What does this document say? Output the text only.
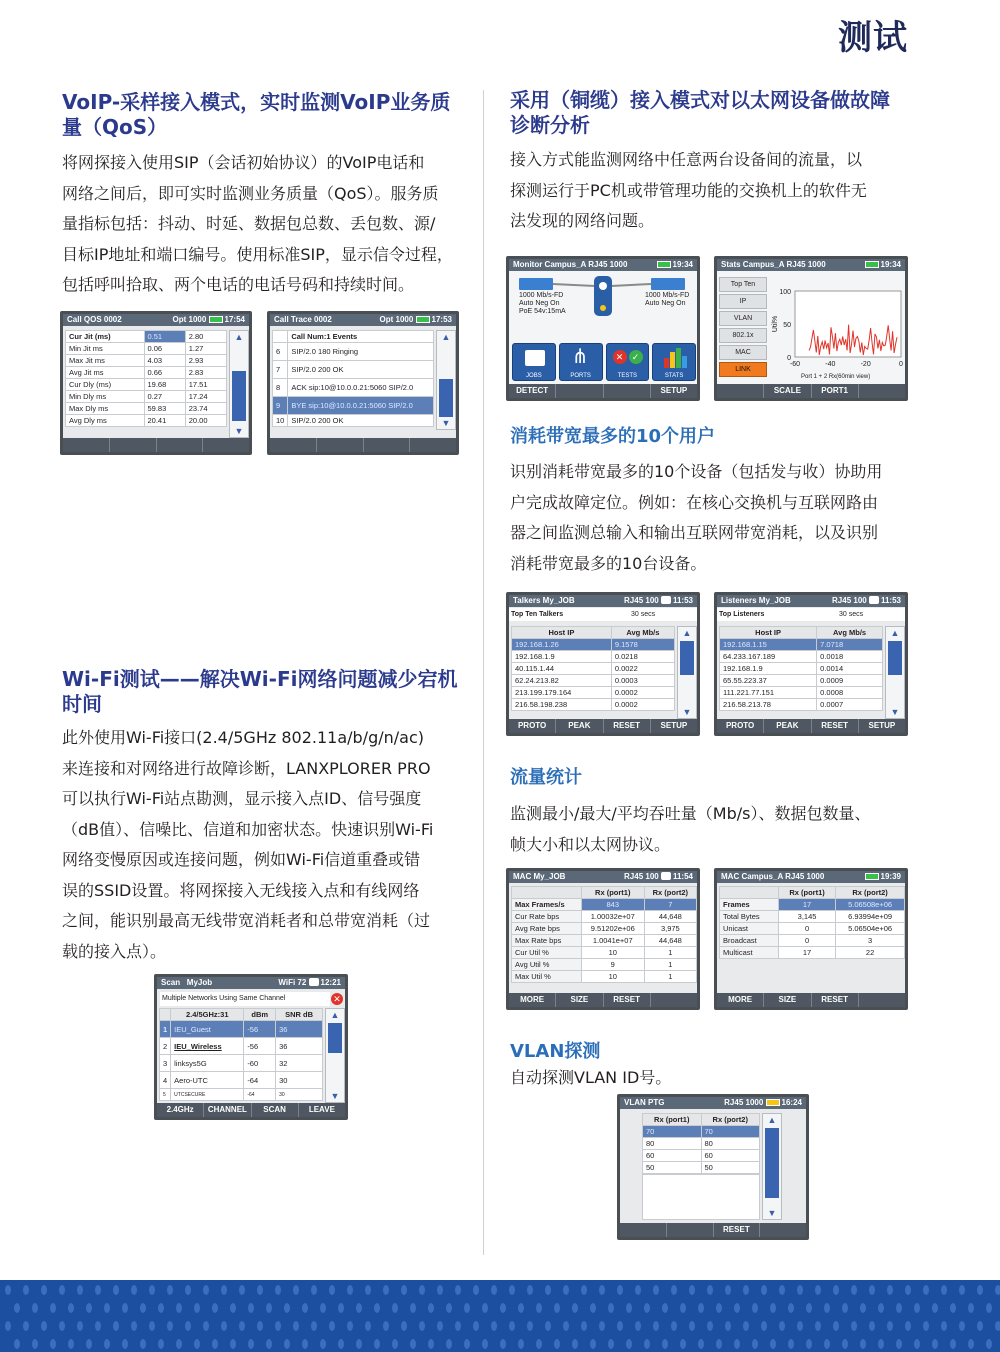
测试
VoIP-采样接入模式，实时监测VoIP业务质量（QoS）
将网探接入使用SIP（会话初始协议）的VoIP电话和
网络之间后，即可实时监测业务质量（QoS）。服务质
量指标包括：抖动、时延、数据包总数、丢包数、源/
目标IP地址和端口编号。使用标准SIP，显示信令过程，
包括呼叫拾取、两个电话的电话号码和持续时间。
Call QOS 0002	Opt 1000 17:54
Cur Jit (ms)	0.51	2.80
Min Jit ms	0.06	1.27
Max Jit ms	4.03	2.93
Avg Jit ms	0.66	2.83
Cur Dly (ms)	19.68	17.51
Min Dly ms	0.27	17.24
Max Dly ms	59.83	23.74
Avg Dly ms	20.41	20.00
▲
▼
Call Trace 0002	Opt 1000 17:53
	Call Num:1 Events
6	SIP/2.0 180 Ringing
7	SIP/2.0 200 OK
8	ACK sip:10@10.0.0.21:5060 SIP/2.0
9	BYE sip:10@10.0.0.21:5060 SIP/2.0
10	SIP/2.0 200 OK
▲
▼
Wi-Fi测试——解决Wi-Fi网络问题减少宕机时间
此外使用Wi-Fi接口(2.4/5GHz 802.11a/b/g/n/ac)
来连接和对网络进行故障诊断，LANXPLORER PRO
可以执行Wi-Fi站点勘测，显示接入点ID、信号强度
（dB值）、信噪比、信道和加密状态。快速识别Wi-Fi
网络变慢原因或连接问题，例如Wi-Fi信道重叠或错
误的SSID设置。将网探接入无线接入点和有线网络
之间，能识别最高无线带宽消耗者和总带宽消耗（过
载的接入点）。
Scan MyJob	WiFi 72 12:21
Multiple Networks Using Same Channel	✕
	2.4/5GHz:31	dBm	SNR dB
1	IEU_Guest	-56	36
2	IEU_Wireless	-56	36
3	linksys5G	-60	32
4	Aero-UTC	-64	30
5	UTCSECURE	-64	30
▲
▼
2.4GHz	CHANNEL	SCAN	LEAVE
采用（铜缆）接入模式对以太网设备做故障诊断分析
接入方式能监测网络中任意两台设备间的流量，以
探测运行于PC机或带管理功能的交换机上的软件无
法发现的网络问题。
Monitor Campus_A RJ45 1000	19:34
1000 Mb/s-FD
Auto Neg On
PoE 54v:15mA
1000 Mb/s-FD
Auto Neg On
JOBS
⋔
PORTS
✕ ✓
TESTS	STATS
DETECT	SETUP
Stats Campus_A RJ45 1000	19:34
Top Ten
IP
VLAN
802.1x
MAC
LINK
100
50
0
-60	-40	-20	0
Util%
Port 1 + 2 Rx(60min view)
SCALE	PORT1
消耗带宽最多的10个用户
识别消耗带宽最多的10个设备（包括发与收）协助用
户完成故障定位。例如：在核心交换机与互联网路由
器之间监测总输入和输出互联网带宽消耗，以及识别
消耗带宽最多的10台设备。
Talkers My_JOB	RJ45 100 11:53
Top Ten Talkers	30 secs
Host IP	Avg Mb/s
192.168.1.26	9.1578
192.168.1.9	0.0218
40.115.1.44	0.0022
62.24.213.82	0.0003
213.199.179.164	0.0002
216.58.198.238	0.0002
▲
▼
PROTO	PEAK	RESET	SETUP
Listeners My_JOB	RJ45 100 11:53
Top Listeners	30 secs
Host IP	Avg Mb/s
192.168.1.15	7.0718
64.233.167.189	0.0018
192.168.1.9	0.0014
65.55.223.37	0.0009
111.221.77.151	0.0008
216.58.213.78	0.0007
▲
▼
PROTO	PEAK	RESET	SETUP
流量统计
监测最小/最大/平均吞吐量（Mb/s）、数据包数量、
帧大小和以太网协议。
MAC My_JOB	RJ45 100 11:54
	Rx (port1)	Rx (port2)
Max Frames/s	843	7
Cur Rate bps	1.00032e+07	44,648
Avg Rate bps	9.51202e+06	3,975
Max Rate bps	1.0041e+07	44,648
Cur Util %	10	1
Avg Util %	9	1
Max Util %	10	1
MORE	SIZE	RESET
MAC Campus_A RJ45 1000	19:39
	Rx (port1)	Rx (port2)
Frames	17	5.06508e+06
Total Bytes	3,145	6.93994e+09
Unicast	0	5.06504e+06
Broadcast	0	3
Multicast	17	22
MORE	SIZE	RESET
VLAN探测
自动探测VLAN ID号。
VLAN PTG	RJ45 1000 16:24
Rx (port1)	Rx (port2)
70	70
80	80
60	60
50	50
▲
▼
RESET
